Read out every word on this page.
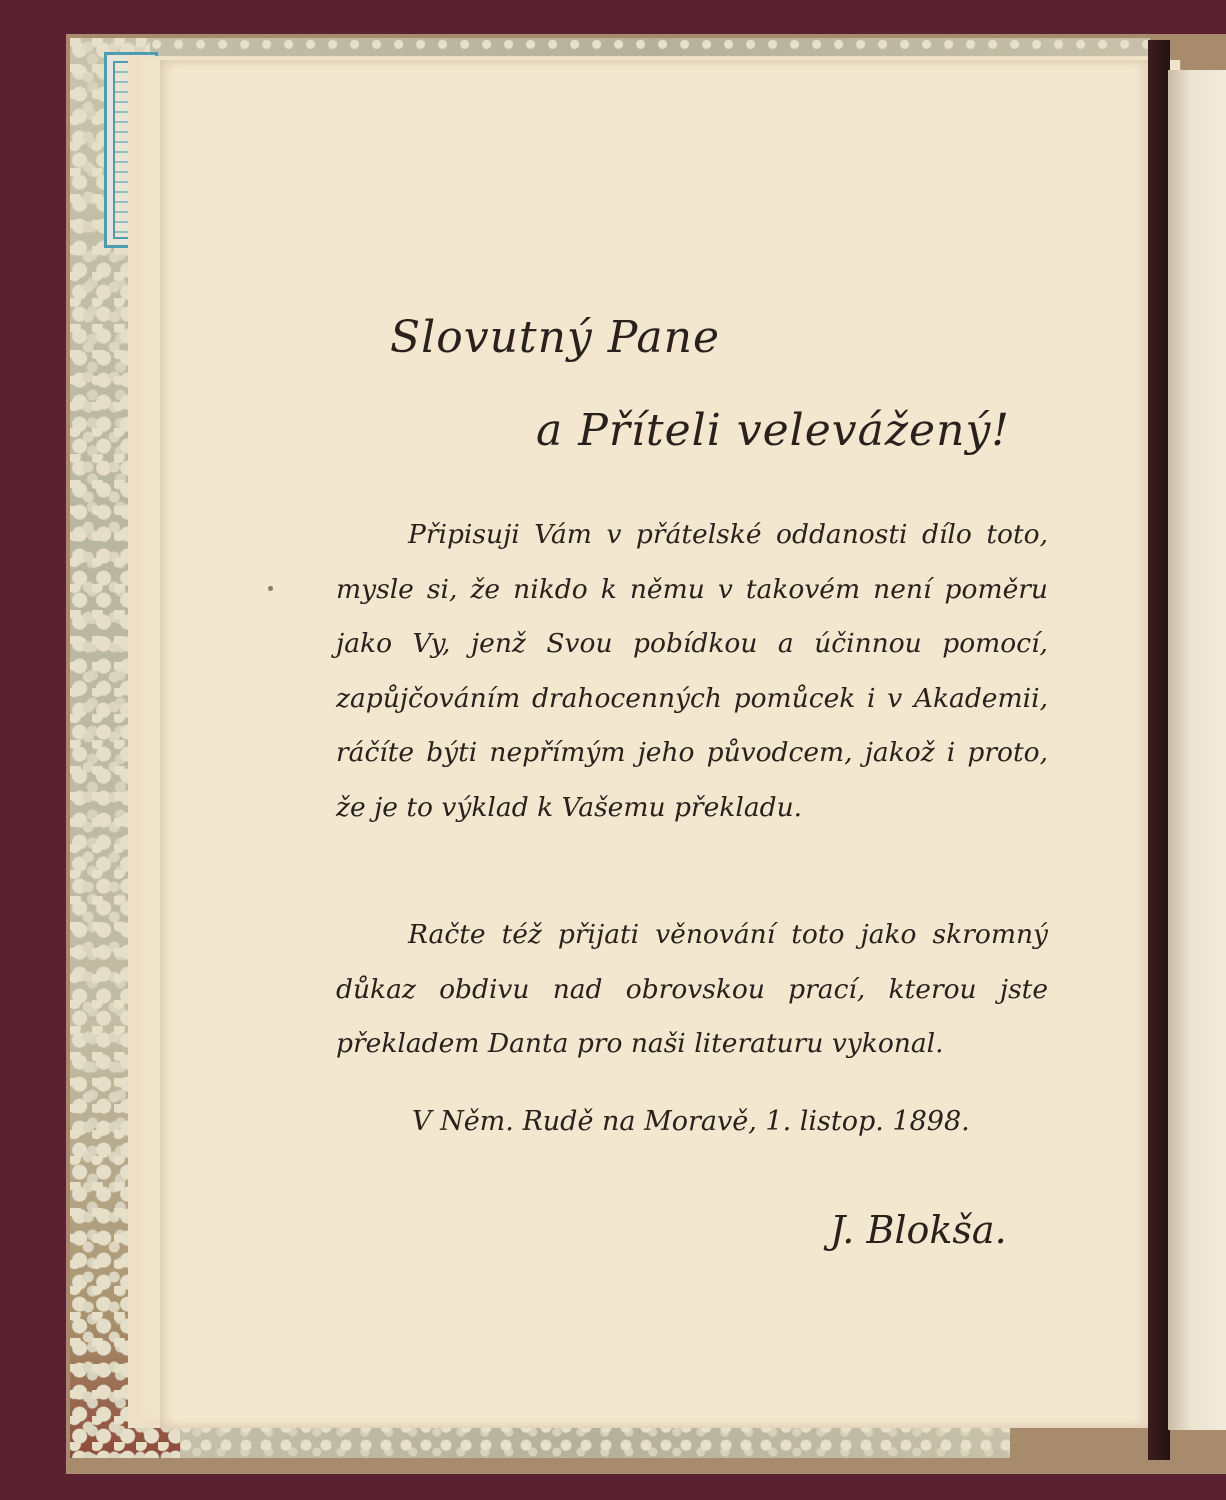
Slovutný Pane
a Příteli velevážený!
Připisuji Vám v přátelské oddanosti dílo toto, mysle si, že nikdo k němu v takovém není poměru jako Vy, jenž Svou pobídkou a účinnou pomocí, zapůjčováním drahocenných pomůcek i v Akademii, ráčíte býti nepřímým jeho původcem, jakož i proto, že je to výklad k Vašemu překladu.
Račte též přijati věnování toto jako skromný důkaz obdivu nad obrovskou prací, kterou jste překladem Danta pro naši literaturu vykonal.
V Něm. Rudě na Moravě, 1. listop. 1898.
J. Blokša.
